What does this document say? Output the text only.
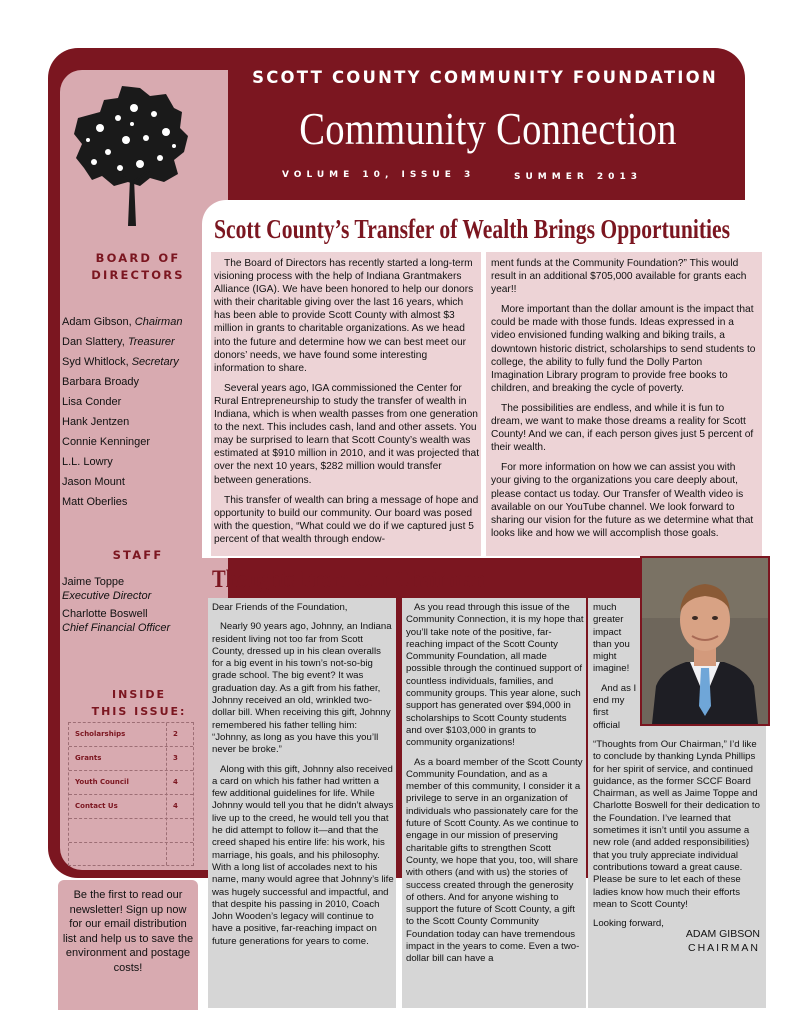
SCOTT COUNTY COMMUNITY FOUNDATION
Community Connection
VOLUME 10, ISSUE 3	SUMMER 2013
BOARD OF
DIRECTORS
Adam Gibson, Chairman
Dan Slattery, Treasurer
Syd Whitlock, Secretary
Barbara Broady
Lisa Conder
Hank Jentzen
Connie Kenninger
L.L. Lowry
Jason Mount
Matt Oberlies
STAFF
Jaime Toppe
Executive Director
Charlotte Boswell
Chief Financial Officer
INSIDE
THIS ISSUE:
Scholarships	2
Grants	3
Youth Council	4
Contact Us	4
Be the first to read our newsletter! Sign up now for our email distribution list and help us to save the environment and postage costs!
Scott County’s Transfer of Wealth Brings Opportunities

The Board of Directors has recently started a long-term visioning process with the help of Indiana Grantmakers Alliance (IGA). We have been honored to help our donors with their charitable giving over the last 16 years, which has been able to provide Scott County with almost $3 million in grants to charitable organizations. As we head into the future and determine how we can best meet our donors’ needs, we have found some interesting information to share.

Several years ago, IGA commissioned the Center for Rural Entrepreneurship to study the transfer of wealth in Indiana, which is when wealth passes from one generation to the next. This includes cash, land and other assets. You may be surprised to learn that Scott County’s wealth was estimated at $910 million in 2010, and it was projected that over the next 10 years, $282 million would transfer between generations.

This transfer of wealth can bring a message of hope and opportunity to build our community. Our board was posed with the question, “What could we do if we captured just 5 percent of that wealth through endow-

ment funds at the Community Foundation?” This would result in an additional $705,000 available for grants each year!!

More important than the dollar amount is the impact that could be made with those funds. Ideas expressed in a video envisioned funding walking and biking trails, a downtown historic district, scholarships to send students to college, the ability to fully fund the Dolly Parton Imagination Library program to provide free books to children, and breaking the cycle of poverty.

The possibilities are endless, and while it is fun to dream, we want to make those dreams a reality for Scott County! And we can, if each person gives just 5 percent of their wealth.

For more information on how we can assist you with your giving to the organizations you care deeply about, please contact us today. Our Transfer of Wealth video is available on our YouTube channel. We look forward to sharing our vision for the future as we determine what that looks like and how we will accomplish those goals.

Thoughts From Our Chairman

Dear Friends of the Foundation,

Nearly 90 years ago, Johnny, an Indiana resident living not too far from Scott County, dressed up in his clean overalls for a big event in his town’s not-so-big grade school. The big event? It was graduation day. As a gift from his father, Johnny received an old, wrinkled two-dollar bill. When receiving this gift, Johnny remembered his father telling him: “Johnny, as long as you have this you’ll never be broke.”

Along with this gift, Johnny also received a card on which his father had written a few additional guidelines for life. While Johnny would tell you that he didn’t always live up to the creed, he would tell you that he did attempt to follow it—and that the creed shaped his entire life: his work, his marriage, his goals, and his philosophy. With a long list of accolades next to his name, many would agree that Johnny’s life was hugely successful and impactful, and that despite his passing in 2010, Coach John Wooden’s legacy will continue to have a positive, far-reaching impact on future generations for years to come.

As you read through this issue of the Community Connection, it is my hope that you’ll take note of the positive, far-reaching impact of the Scott County Community Foundation, all made possible through the continued support of countless individuals, families, and community groups. This year alone, such support has generated over $94,000 in scholarships to Scott County students and over $103,000 in grants to community organizations!

As a board member of the Scott County Community Foundation, and as a member of this community, I consider it a privilege to serve in an organization of individuals who passionately care for the future of Scott County. As we continue to engage in our mission of preserving charitable gifts to strengthen Scott County, we hope that you, too, will share with others (and with us) the stories of success created through the generosity of others. And for anyone wishing to support the future of Scott County, a gift to the Scott County Community Foundation today can have tremendous impact in the years to come. Even a two-dollar bill can have a

much greater impact than you might imagine!

And as I end my first official

“Thoughts from Our Chairman,” I’d like to conclude by thanking Lynda Phillips for her spirit of service, and continued guidance, as the former SCCF Board Chairman, as well as Jaime Toppe and Charlotte Boswell for their dedication to the Foundation. I’ve learned that sometimes it isn’t until you assume a new role (and added responsibilities) that you truly appreciate individual contributions toward a great cause. Please be sure to let each of these ladies know how much their efforts mean to Scott County!

Looking forward,

ADAM GIBSON
CHAIRMAN
